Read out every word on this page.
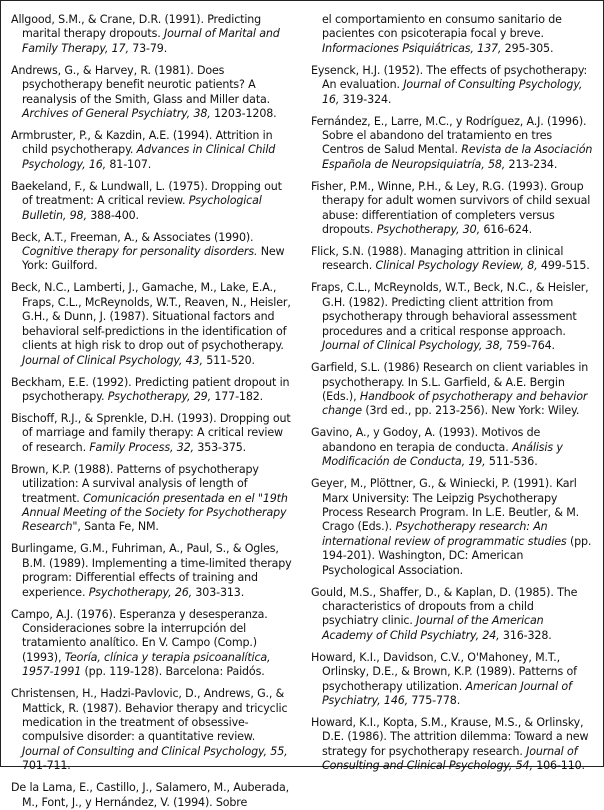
Allgood, S.M., & Crane, D.R. (1991). Predicting marital therapy dropouts. Journal of Marital and Family Therapy, 17, 73-79.

Andrews, G., & Harvey, R. (1981). Does psychotherapy benefit neurotic patients? A reanalysis of the Smith, Glass and Miller data. Archives of General Psychiatry, 38, 1203-1208.

Armbruster, P., & Kazdin, A.E. (1994). Attrition in child psychotherapy. Advances in Clinical Child Psychology, 16, 81-107.

Baekeland, F., & Lundwall, L. (1975). Dropping out of treatment: A critical review. Psychological Bulletin, 98, 388-400.

Beck, A.T., Freeman, A., & Associates (1990). Cognitive therapy for personality disorders. New York: Guilford.

Beck, N.C., Lamberti, J., Gamache, M., Lake, E.A., Fraps, C.L., McReynolds, W.T., Reaven, N., Heisler, G.H., & Dunn, J. (1987). Situational factors and behavioral self-predictions in the identification of clients at high risk to drop out of psychotherapy. Journal of Clinical Psychology, 43, 511-520.

Beckham, E.E. (1992). Predicting patient dropout in psychotherapy. Psychotherapy, 29, 177-182.

Bischoff, R.J., & Sprenkle, D.H. (1993). Dropping out of marriage and family therapy: A critical review of research. Family Process, 32, 353-375.

Brown, K.P. (1988). Patterns of psychotherapy utilization: A survival analysis of length of treatment. Comunicación presentada en el "19th Annual Meeting of the Society for Psychotherapy Research", Santa Fe, NM.

Burlingame, G.M., Fuhriman, A., Paul, S., & Ogles, B.M. (1989). Implementing a time-limited therapy program: Differential effects of training and experience. Psychotherapy, 26, 303-313.

Campo, A.J. (1976). Esperanza y desesperanza. Consideraciones sobre la interrupción del tratamiento analítico. En V. Campo (Comp.) (1993), Teoría, clínica y terapia psicoanalítica, 1957-1991 (pp. 119-128). Barcelona: Paidós.

Christensen, H., Hadzi-Pavlovic, D., Andrews, G., & Mattick, R. (1987). Behavior therapy and tricyclic medication in the treatment of obsessive-compulsive disorder: a quantitative review. Journal of Consulting and Clinical Psychology, 55, 701-711.

De la Lama, E., Castillo, J., Salamero, M., Auberada, M., Font, J., y Hernández, V. (1994). Sobre

el comportamiento en consumo sanitario de pacientes con psicoterapia focal y breve. Informaciones Psiquiátricas, 137, 295-305.

Eysenck, H.J. (1952). The effects of psychotherapy: An evaluation. Journal of Consulting Psychology, 16, 319-324.

Fernández, E., Larre, M.C., y Rodríguez, A.J. (1996). Sobre el abandono del tratamiento en tres Centros de Salud Mental. Revista de la Asociación Española de Neuropsiquiatría, 58, 213-234.

Fisher, P.M., Winne, P.H., & Ley, R.G. (1993). Group therapy for adult women survivors of child sexual abuse: differentiation of completers versus dropouts. Psychotherapy, 30, 616-624.

Flick, S.N. (1988). Managing attrition in clinical research. Clinical Psychology Review, 8, 499-515.

Fraps, C.L., McReynolds, W.T., Beck, N.C., & Heisler, G.H. (1982). Predicting client attrition from psychotherapy through behavioral assessment procedures and a critical response approach. Journal of Clinical Psychology, 38, 759-764.

Garfield, S.L. (1986) Research on client variables in psychotherapy. In S.L. Garfield, & A.E. Bergin (Eds.), Handbook of psychotherapy and behavior change (3rd ed., pp. 213-256). New York: Wiley.

Gavino, A., y Godoy, A. (1993). Motivos de abandono en terapia de conducta. Análisis y Modificación de Conducta, 19, 511-536.

Geyer, M., Plöttner, G., & Winiecki, P. (1991). Karl Marx University: The Leipzig Psychotherapy Process Research Program. In L.E. Beutler, & M. Crago (Eds.). Psychotherapy research: An international review of programmatic studies (pp. 194-201). Washington, DC: American Psychological Association.

Gould, M.S., Shaffer, D., & Kaplan, D. (1985). The characteristics of dropouts from a child psychiatry clinic. Journal of the American Academy of Child Psychiatry, 24, 316-328.

Howard, K.I., Davidson, C.V., O'Mahoney, M.T., Orlinsky, D.E., & Brown, K.P. (1989). Patterns of psychotherapy utilization. American Journal of Psychiatry, 146, 775-778.

Howard, K.I., Kopta, S.M., Krause, M.S., & Orlinsky, D.E. (1986). The attrition dilemma: Toward a new strategy for psychotherapy research. Journal of Consulting and Clinical Psychology, 54, 106-110.
